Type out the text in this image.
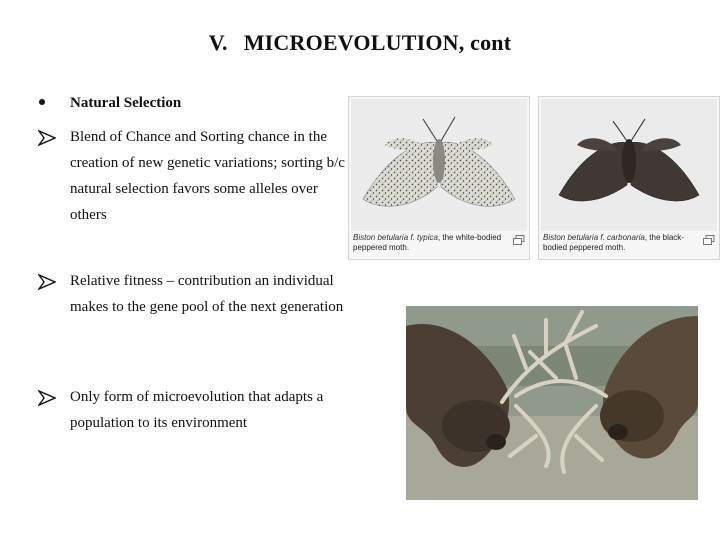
V. MICROEVOLUTION, cont
Natural Selection
Blend of Chance and Sorting chance in the creation of new genetic variations; sorting b/c natural selection favors some alleles over others
Relative fitness – contribution an individual makes to the gene pool of the next generation
Only form of microevolution that adapts a population to its environment
Biston betularia f. typica, the white-bodied peppered moth.
Biston betularia f. carbonaria, the black-bodied peppered moth.
